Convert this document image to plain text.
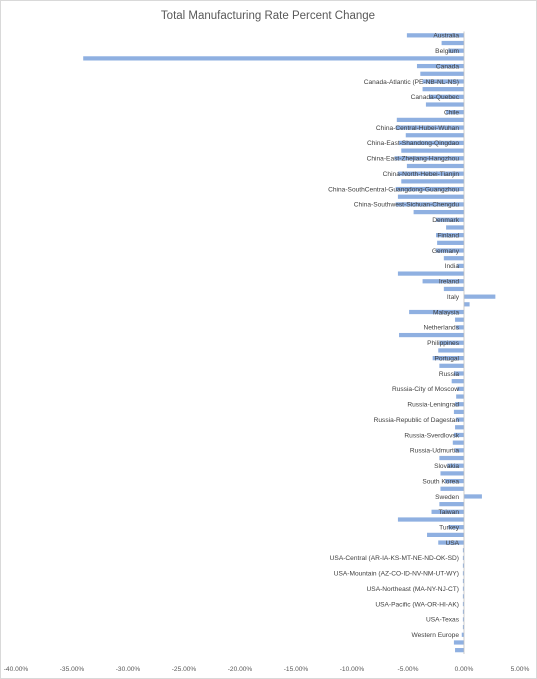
Total Manufacturing Rate Percent Change
Australia
Belgium
Canada
Canada-Atlantic (PE-NB-NL-NS)
Canada-Quebec
Chile
China-Central-Hubei-Wuhan
China-East-Shandong-Qingdao
China-East-Zhejiang-Hangzhou
China-North-Hebei-Tianjin
China-SouthCentral-Guangdong-Guangzhou
China-Southwest-Sichuan-Chengdu
Denmark
Finland
Germany
India
Ireland
Italy
Malaysia
Netherlands
Philippines
Portugal
Russia
Russia-City of Moscow
Russia-Leningrad
Russia-Republic of Dagestan
Russia-Sverdlovsk
Russia-Udmurtia
Slovakia
South Korea
Sweden
Taiwan
Turkey
USA
USA-Central (AR-IA-KS-MT-NE-ND-OK-SD)
USA-Mountain (AZ-CO-ID-NV-NM-UT-WY)
USA-Northeast (MA-NY-NJ-CT)
USA-Pacific (WA-OR-HI-AK)
USA-Texas
Western Europe
-40.00%	-35.00%	-30.00%	-25.00%	-20.00%	-15.00%	-10.00%	-5.00%	0.00%	5.00%
